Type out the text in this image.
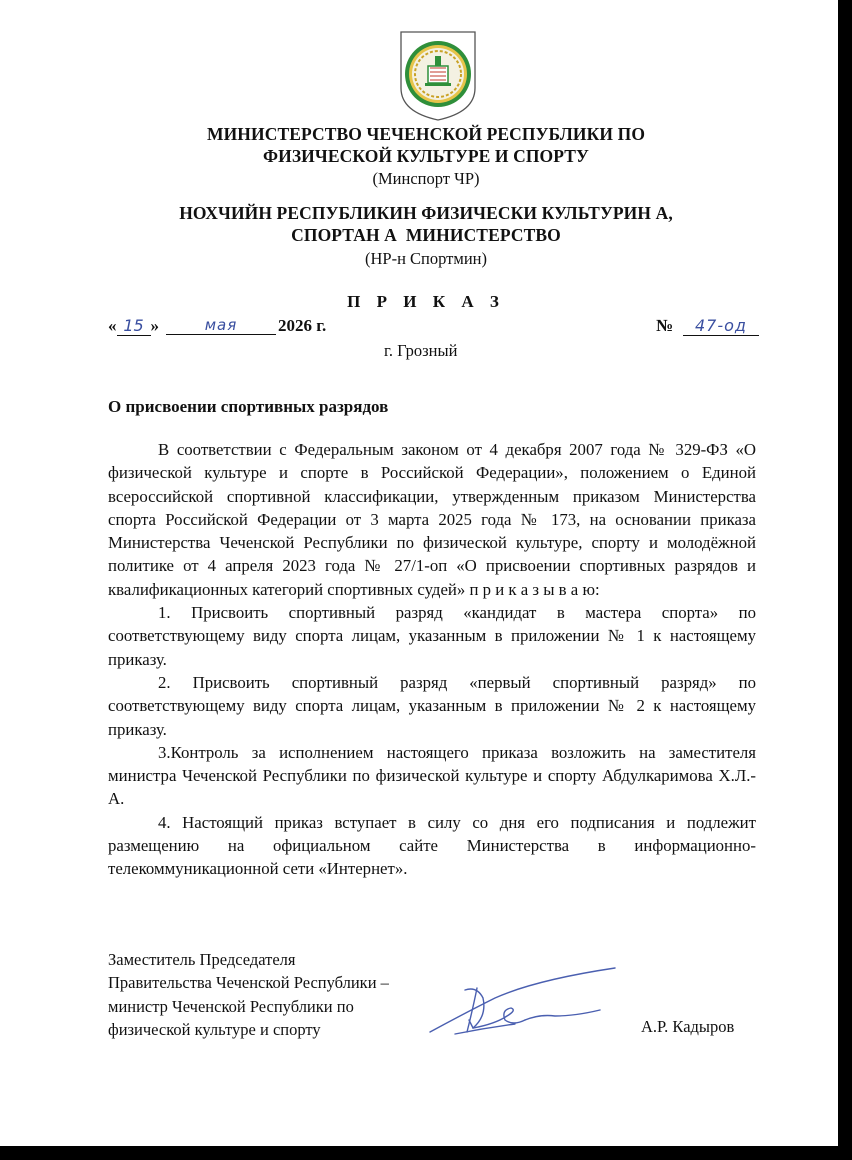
МИНИСТЕРСТВО ЧЕЧЕНСКОЙ РЕСПУБЛИКИ ПО
ФИЗИЧЕСКОЙ КУЛЬТУРЕ И СПОРТУ
(Минспорт ЧР)
НОХЧИЙН РЕСПУБЛИКИН ФИЗИЧЕСКИ КУЛЬТУРИН А,
СПОРТАН А  МИНИСТЕРСТВО
(НР-н Спортмин)
П Р И К А З
« 15 »	мая	2026 г.	№	47-од
г. Грозный
О присвоении спортивных разрядов

В соответствии с Федеральным законом от 4 декабря 2007 года № 329-ФЗ «О физической культуре и спорте в Российской Федерации», положением о Единой всероссийской спортивной классификации, утвержденным приказом Министерства спорта Российской Федерации от 3 марта 2025 года № 173, на основании приказа Министерства Чеченской Республики по физической культуре, спорту и молодёжной политике от 4 апреля 2023 года № 27/1-оп «О присвоении спортивных разрядов и квалификационных категорий спортивных судей» п р и к а з ы в а ю:

1. Присвоить спортивный разряд «кандидат в мастера спорта» по соответствующему виду спорта лицам, указанным в приложении № 1 к настоящему приказу.

2. Присвоить спортивный разряд «первый спортивный разряд» по соответствующему виду спорта лицам, указанным в приложении № 2 к настоящему приказу.

3.Контроль за исполнением настоящего приказа возложить на заместителя министра Чеченской Республики по физической культуре и спорту Абдулкаримова Х.Л.-А.

4. Настоящий приказ вступает в силу со дня его подписания и подлежит размещению на официальном сайте Министерства в информационно-телекоммуникационной сети «Интернет».

Заместитель Председателя
Правительства Чеченской Республики –
министр Чеченской Республики по
физической культуре и спорту	А.Р. Кадыров
